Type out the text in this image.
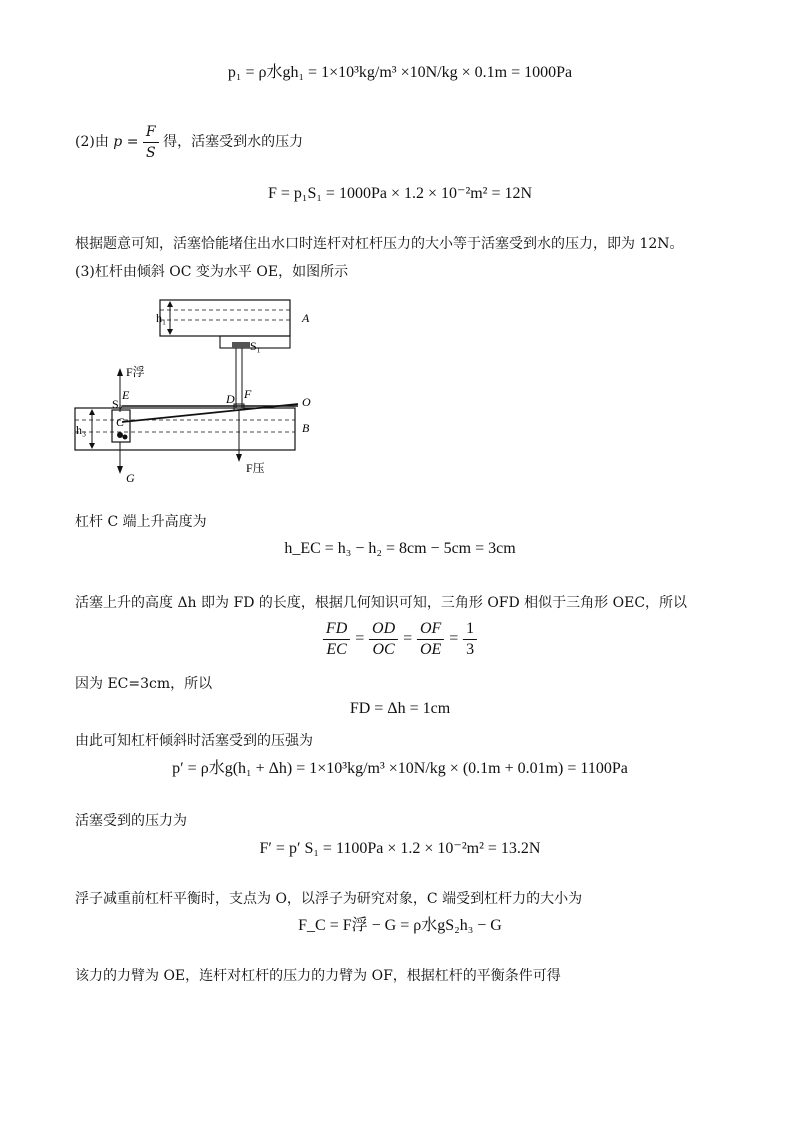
p₁ = ρ水gh₁ = 1×10³kg/m³ ×10N/kg × 0.1m = 1000Pa
(2)由 $p = \frac{F}{S}$ 得，活塞受到水的压力
F = p₁S₁ = 1000Pa × 1.2 × 10⁻²m² = 12N
根据题意可知，活塞恰能堵住出水口时连杆对杠杆压力的大小等于活塞受到水的压力，即为 12N。
(3)杠杆由倾斜 OC 变为水平 OE，如图所示
h₁	A
S₁
B
C
S₂
E	D F
O
h₃
F浮
G
F压
杠杆 C 端上升高度为
h_EC = h₃ − h₂ = 8cm − 5cm = 3cm
活塞上升的高度 Δh 即为 FD 的长度，根据几何知识可知，三角形 OFD 相似于三角形 OEC，所以
$\frac{FD}{EC} = \frac{OD}{OC} = \frac{OF}{OE} = \frac{1}{3}$
因为 EC=3cm，所以
FD = Δh = 1cm
由此可知杠杆倾斜时活塞受到的压强为
p′ = ρ水g(h₁ + Δh) = 1×10³kg/m³ ×10N/kg × (0.1m + 0.01m) = 1100Pa
活塞受到的压力为
F′ = p′ S₁ = 1100Pa × 1.2 × 10⁻²m² = 13.2N
浮子减重前杠杆平衡时，支点为 O，以浮子为研究对象，C 端受到杠杆力的大小为
F_C = F浮 − G = ρ水gS₂h₃ − G
该力的力臂为 OE，连杆对杠杆的压力的力臂为 OF，根据杠杆的平衡条件可得
